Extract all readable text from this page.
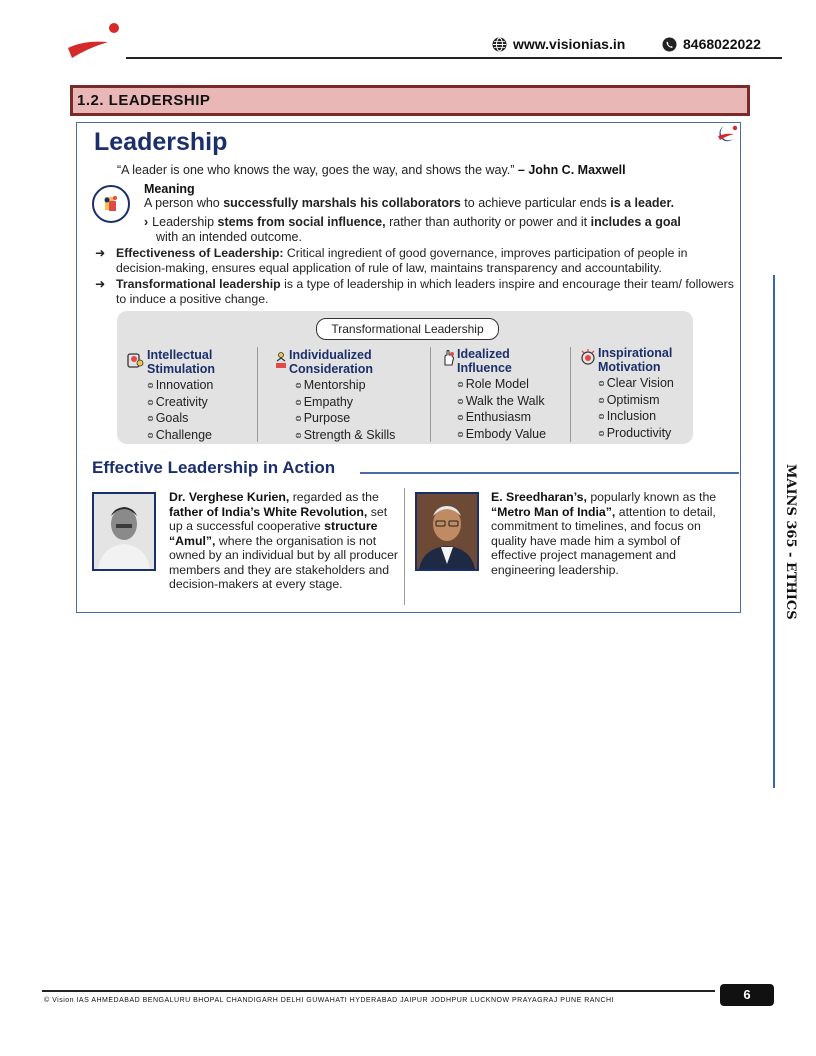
www.visionias.in	8468022022
1.2. LEADERSHIP
MAINS 365 - ETHICS
Leadership
“A leader is one who knows the way, goes the way, and shows the way.” – John C. Maxwell
Meaning
A person who successfully marshals his collaborators to achieve particular ends is a leader.
› Leadership stems from social influence, rather than authority or power and it includes a goal
with an intended outcome.
➜ Effectiveness of Leadership: Critical ingredient of good governance, improves participation of people in decision-making, ensures equal application of rule of law, maintains transparency and accountability.
➜ Transformational leadership is a type of leadership in which leaders inspire and encourage their team/ followers to induce a positive change.
Transformational Leadership
Intellectual
Stimulation
⊜ Innovation
⊜ Creativity
⊜ Goals
⊜ Challenge
Individualized
Consideration
⊜ Mentorship
⊜ Empathy
⊜ Purpose
⊜ Strength & Skills
Idealized
Influence
⊜ Role Model
⊜ Walk the Walk
⊜ Enthusiasm
⊜ Embody Value
Inspirational
Motivation
⊜ Clear Vision
⊜ Optimism
⊜ Inclusion
⊜ Productivity
Effective Leadership in Action
Dr. Verghese Kurien, regarded as the father of India’s White Revolution, set up a successful cooperative structure “Amul”, where the organisation is not owned by an individual but by all producer members and they are stakeholders and decision-makers at every stage.
E. Sreedharan’s, popularly known as the “Metro Man of India”, attention to detail, commitment to timelines, and focus on quality have made him a symbol of effective project management and engineering leadership.
© Vision IAS AHMEDABAD BENGALURU BHOPAL CHANDIGARH DELHI GUWAHATI HYDERABAD JAIPUR JODHPUR LUCKNOW PRAYAGRAJ PUNE RANCHI	6
